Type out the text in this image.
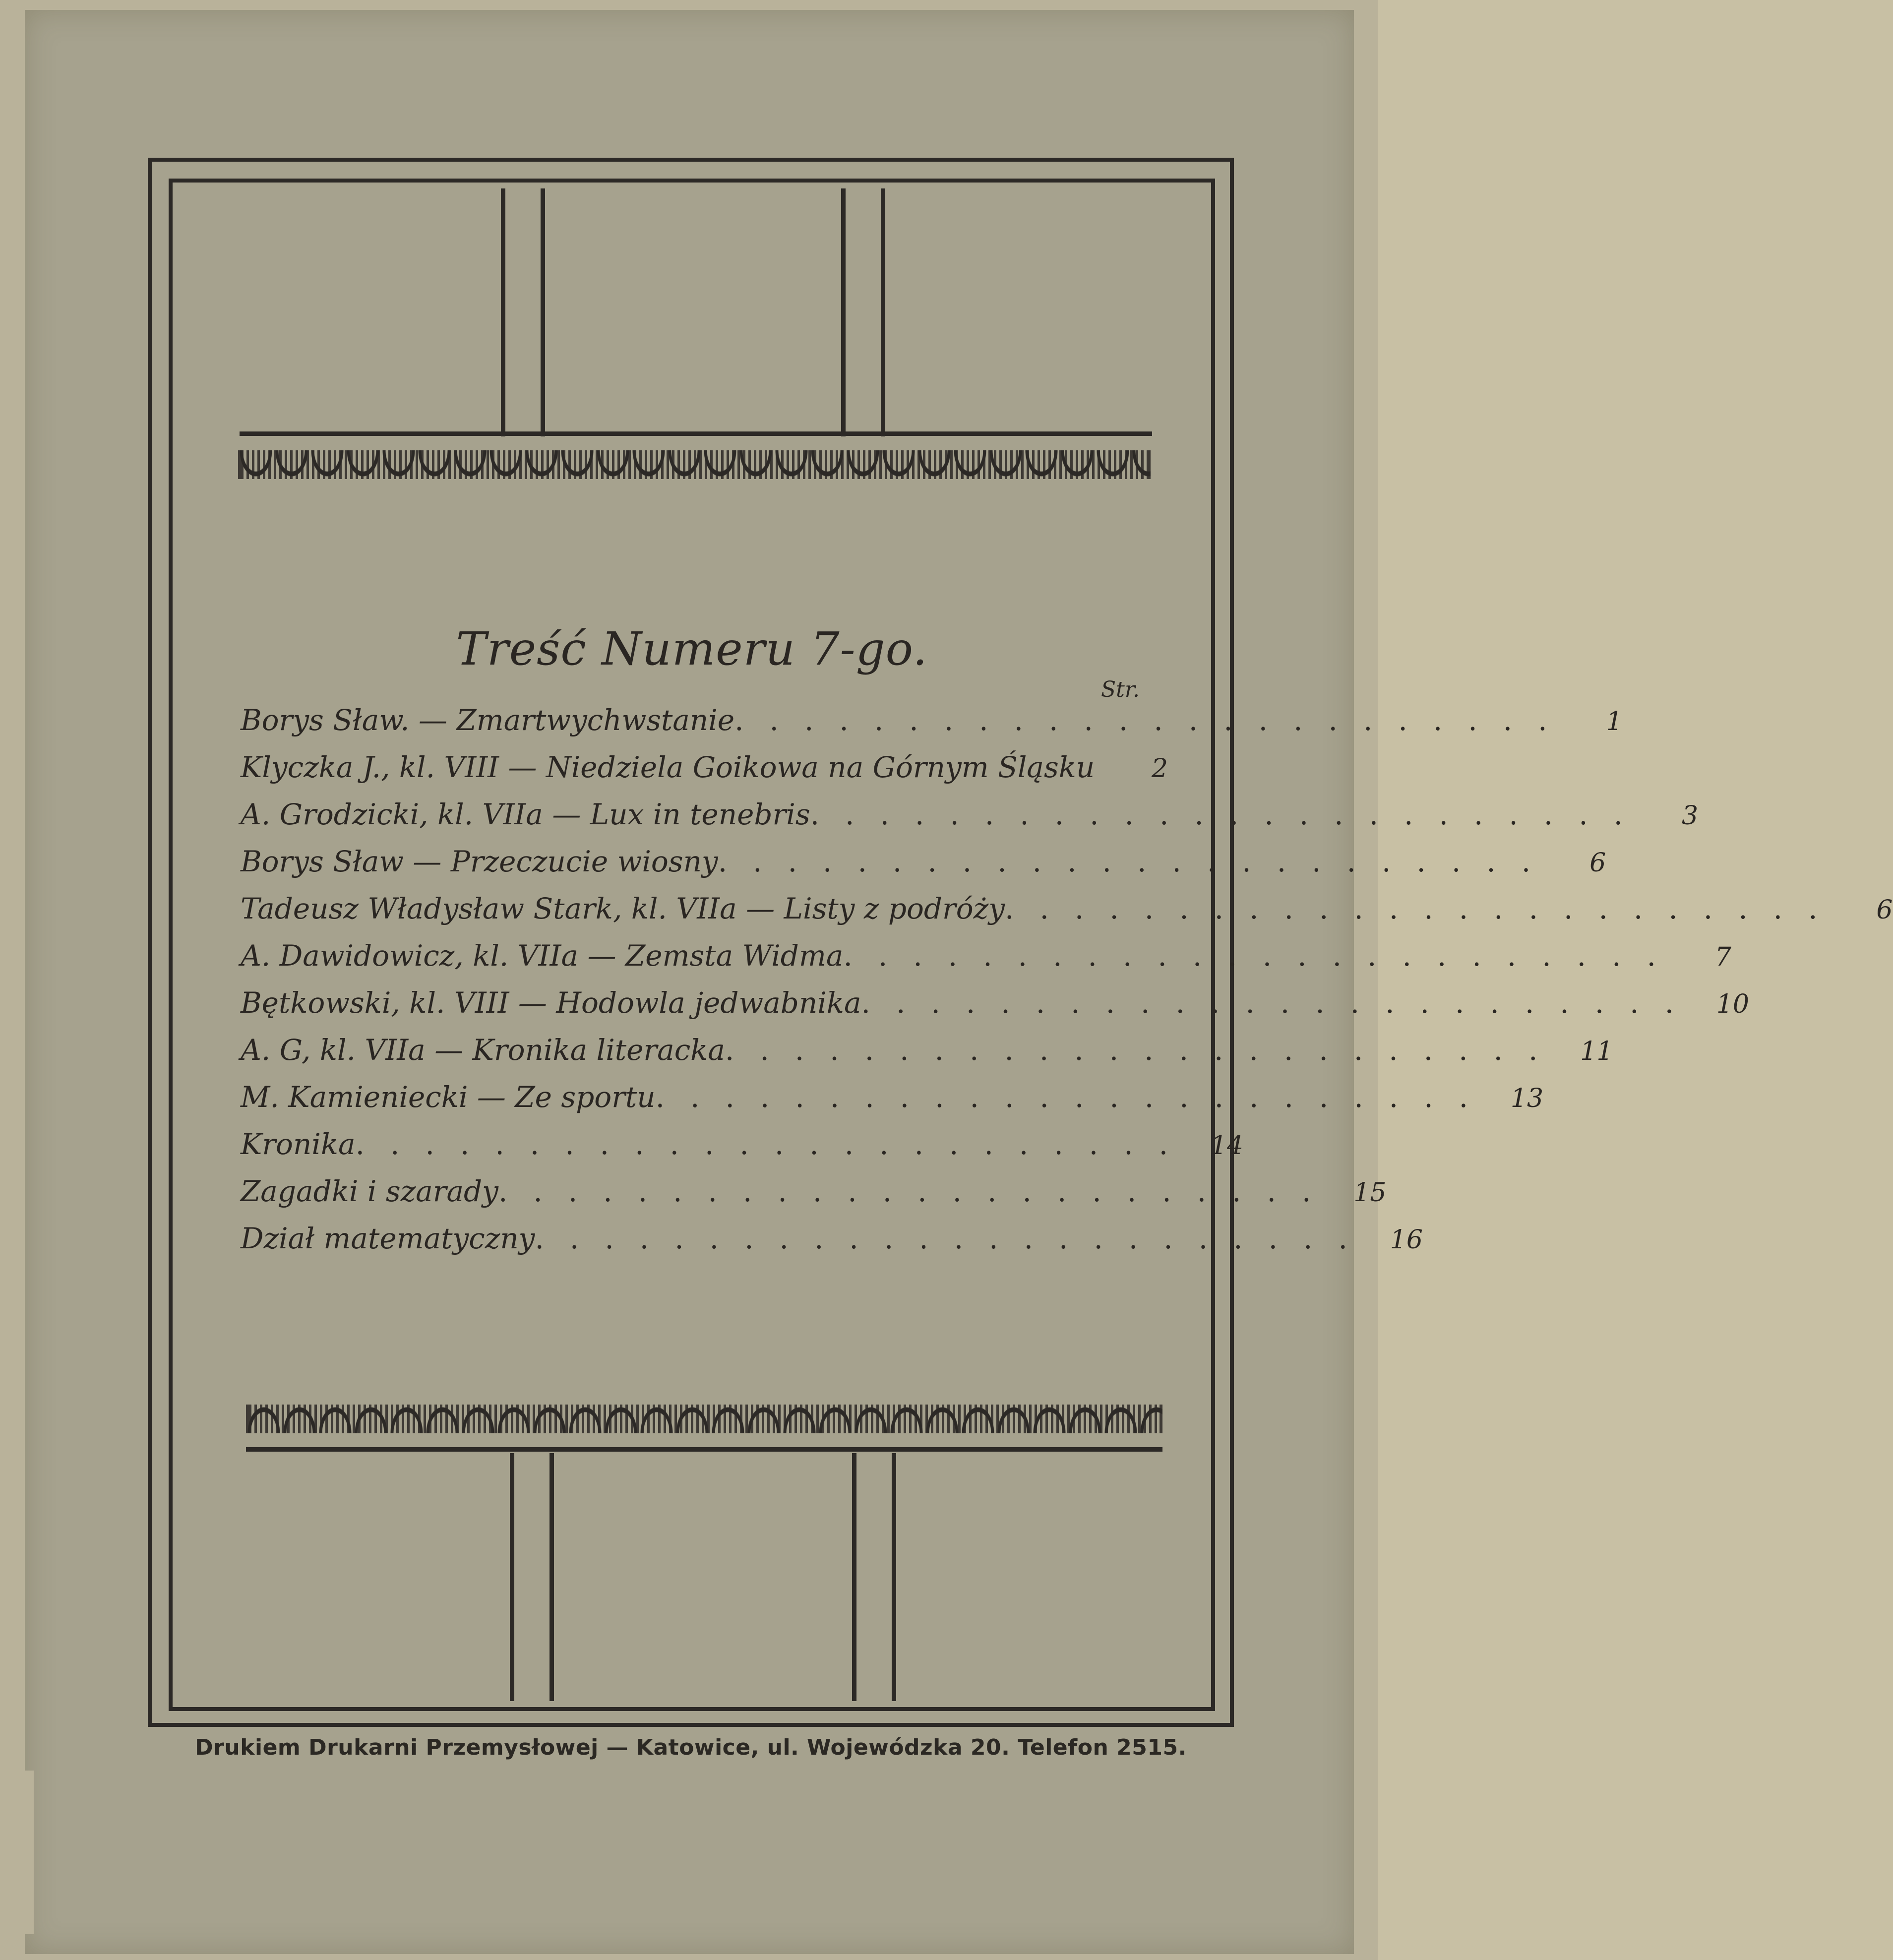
Treść Numeru 7-go.
Str.
Borys Sław. — Zmartwychwstanie ........................	1
Klyczka J., kl. VIII — Niedziela Goikowa na Górnym Śląsku	2
A. Grodzicki, kl. VIIa — Lux in tenebris ........................	3
Borys Sław — Przeczucie wiosny ........................	6
Tadeusz Władysław Stark, kl. VIIa — Listy z podróży ........................	6
A. Dawidowicz, kl. VIIa — Zemsta Widma ........................	7
Bętkowski, kl. VIII — Hodowla jedwabnika ........................ 10
A. G, kl. VIIa — Kronika literacka ........................ 11
M. Kamieniecki — Ze sportu ........................ 13
Kronika ........................ 14
Zagadki i szarady ........................ 15
Dział matematyczny ........................ 16
Drukiem Drukarni Przemysłowej — Katowice, ul. Wojewódzka 20. Telefon 2515.
